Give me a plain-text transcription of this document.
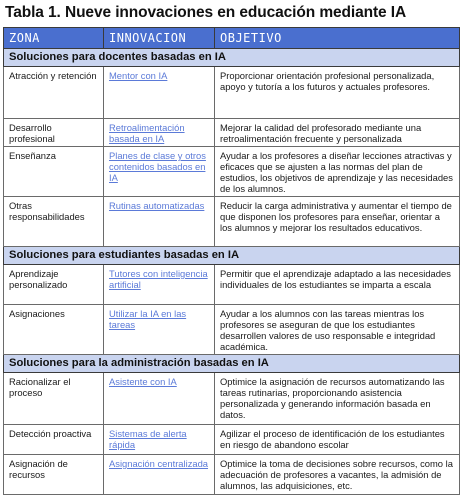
Tabla 1. Nueve innovaciones en educación mediante IA
ZONA	INNOVACION	OBJETIVO
Soluciones para docentes basadas en IA		
Atracción y retención	Mentor con IA	Proporcionar orientación profesional personalizada, apoyo y tutoría a los futuros y actuales profesores.
Desarrollo profesional	Retroalimentación basada en IA	Mejorar la calidad del profesorado mediante una retroalimentación frecuente y personalizada
Enseñanza	Planes de clase y otros contenidos basados en IA	Ayudar a los profesores a diseñar lecciones atractivas y eficaces que se ajusten a las normas del plan de estudios, los objetivos de aprendizaje y las necesidades de los alumnos.
Otras responsabilidades	Rutinas automatizadas	Reducir la carga administrativa y aumentar el tiempo de que disponen los profesores para enseñar, orientar a los alumnos y mejorar los resultados educativos.
Soluciones para estudiantes basadas en IA		
Aprendizaje personalizado	Tutores con inteligencia artificial	Permitir que el aprendizaje adaptado a las necesidades individuales de los estudiantes se imparta a escala
Asignaciones	Utilizar la IA en las tareas	Ayudar a los alumnos con las tareas mientras los profesores se aseguran de que los estudiantes desarrollen valores de uso responsable e integridad académica.
Soluciones para la administración basadas en IA		
Racionalizar el proceso	Asistente con IA	Optimice la asignación de recursos automatizando las tareas rutinarias, proporcionando asistencia personalizada y generando información basada en datos.
Detección proactiva	Sistemas de alerta rápida	Agilizar el proceso de identificación de los estudiantes en riesgo de abandono escolar
Asignación de recursos	Asignación centralizada	Optimice la toma de decisiones sobre recursos, como la adecuación de profesores a vacantes, la admisión de alumnos, las adquisiciones, etc.
